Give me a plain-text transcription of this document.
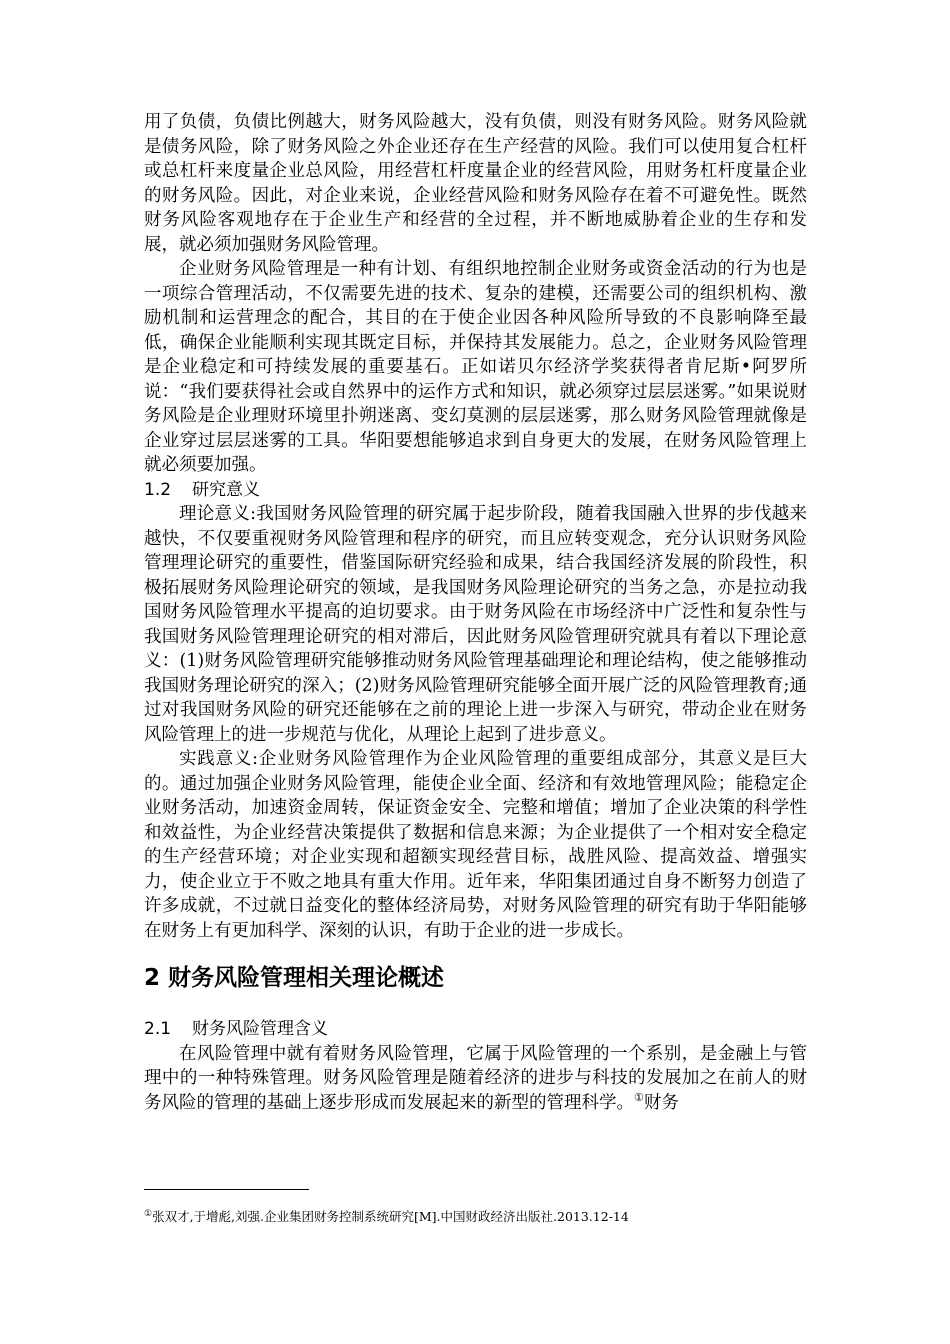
用了负债，负债比例越大，财务风险越大，没有负债，则没有财务风险。财务风险就是债务风险，除了财务风险之外企业还存在生产经营的风险。我们可以使用复合杠杆或总杠杆来度量企业总风险，用经营杠杆度量企业的经营风险，用财务杠杆度量企业的财务风险。因此，对企业来说，企业经营风险和财务风险存在着不可避免性。既然财务风险客观地存在于企业生产和经营的全过程，并不断地威胁着企业的生存和发展，就必须加强财务风险管理。

企业财务风险管理是一种有计划、有组织地控制企业财务或资金活动的行为也是一项综合管理活动，不仅需要先进的技术、复杂的建模，还需要公司的组织机构、激励机制和运营理念的配合，其目的在于使企业因各种风险所导致的不良影响降至最低，确保企业能顺利实现其既定目标，并保持其发展能力。总之，企业财务风险管理是企业稳定和可持续发展的重要基石。正如诺贝尔经济学奖获得者肯尼斯•阿罗所说：“我们要获得社会或自然界中的运作方式和知识，就必须穿过层层迷雾。”如果说财务风险是企业理财环境里扑朔迷离、变幻莫测的层层迷雾，那么财务风险管理就像是企业穿过层层迷雾的工具。华阳要想能够追求到自身更大的发展，在财务风险管理上就必须要加强。

1.2 研究意义

理论意义:我国财务风险管理的研究属于起步阶段，随着我国融入世界的步伐越来越快，不仅要重视财务风险管理和程序的研究，而且应转变观念，充分认识财务风险管理理论研究的重要性，借鉴国际研究经验和成果，结合我国经济发展的阶段性，积极拓展财务风险理论研究的领域，是我国财务风险理论研究的当务之急，亦是拉动我国财务风险管理水平提高的迫切要求。由于财务风险在市场经济中广泛性和复杂性与我国财务风险管理理论研究的相对滞后，因此财务风险管理研究就具有着以下理论意义：(1)财务风险管理研究能够推动财务风险管理基础理论和理论结构，使之能够推动我国财务理论研究的深入；(2)财务风险管理研究能够全面开展广泛的风险管理教育;通过对我国财务风险的研究还能够在之前的理论上进一步深入与研究，带动企业在财务风险管理上的进一步规范与优化，从理论上起到了进步意义。

实践意义:企业财务风险管理作为企业风险管理的重要组成部分，其意义是巨大的。通过加强企业财务风险管理，能使企业全面、经济和有效地管理风险；能稳定企业财务活动，加速资金周转，保证资金安全、完整和增值；增加了企业决策的科学性和效益性，为企业经营决策提供了数据和信息来源；为企业提供了一个相对安全稳定的生产经营环境；对企业实现和超额实现经营目标，战胜风险、提高效益、增强实力，使企业立于不败之地具有重大作用。近年来，华阳集团通过自身不断努力创造了许多成就，不过就日益变化的整体经济局势，对财务风险管理的研究有助于华阳能够在财务上有更加科学、深刻的认识，有助于企业的进一步成长。

2 财务风险管理相关理论概述

2.1 财务风险管理含义

在风险管理中就有着财务风险管理，它属于风险管理的一个系别，是金融上与管理中的一种特殊管理。财务风险管理是随着经济的进步与科技的发展加之在前人的财务风险的管理的基础上逐步形成而发展起来的新型的管理科学。①财务

①张双才,于增彪,刘强.企业集团财务控制系统研究[M].中国财政经济出版社.2013.12-14
